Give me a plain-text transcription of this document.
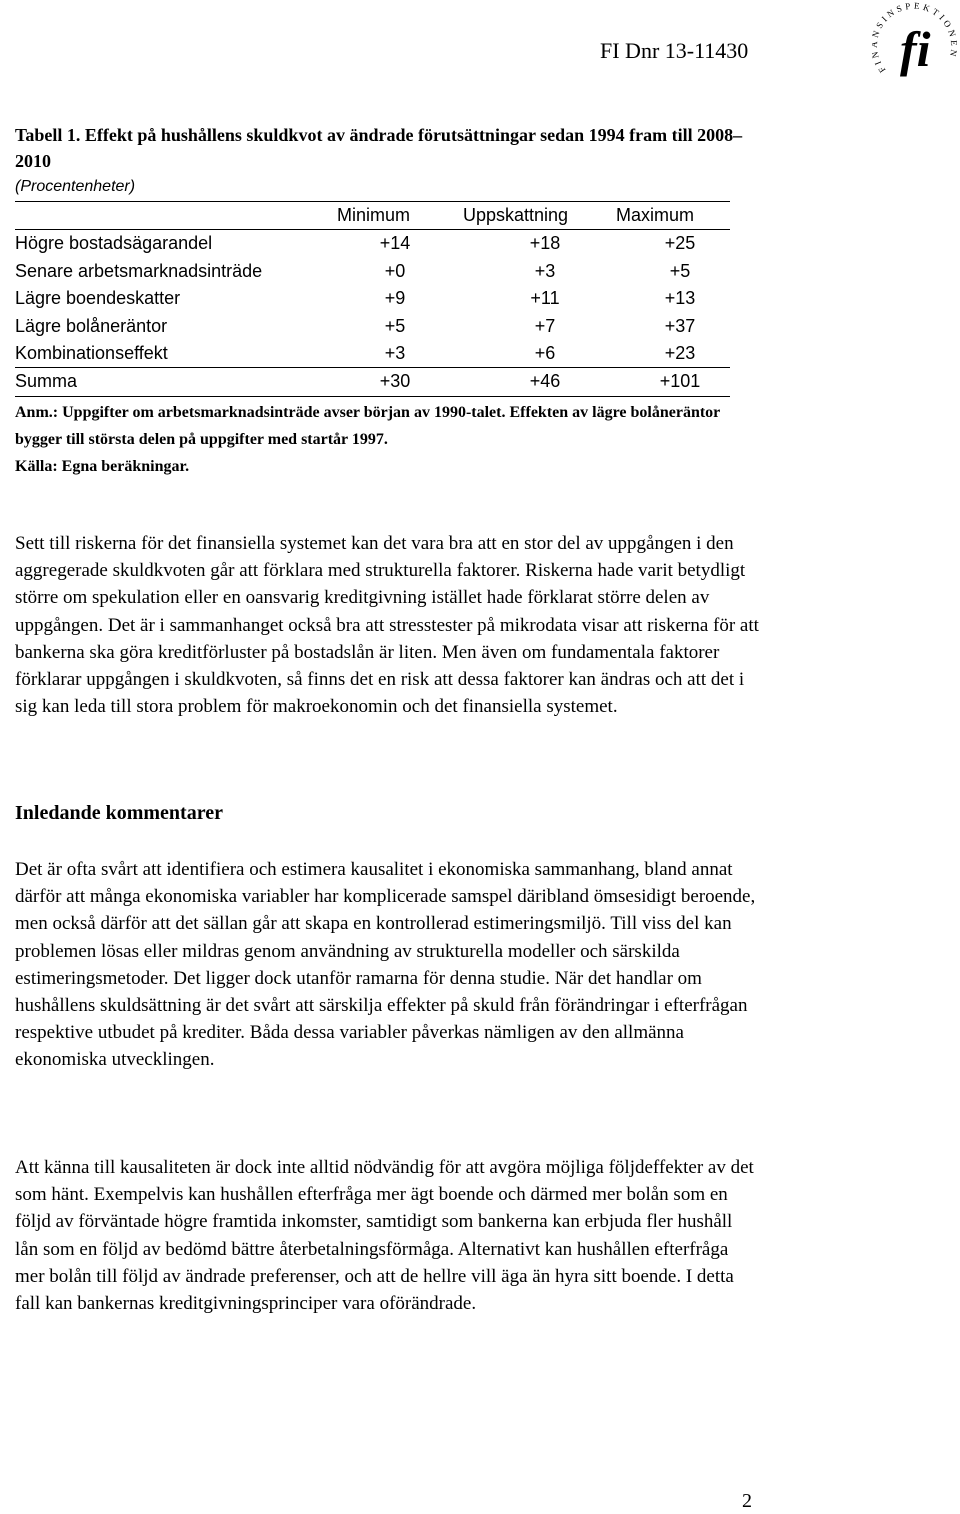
FI Dnr 13-11430
FI SINSPEKTIONEN
fi
Tabell 1. Effekt på hushållens skuldkvot av ändrade förutsättningar sedan 1994 fram till 2008–2010
(Procentenheter)
Minimum	Uppskattning	Maximum
Högre bostadsägarandel	+14	+18	+25
Senare arbetsmarknadsinträde	+0	+3	+5
Lägre boendeskatter	+9	+11	+13
Lägre bolåneräntor	+5	+7	+37
Kombinationseffekt	+3	+6	+23
Summa	+30	+46	+101
Anm.: Uppgifter om arbetsmarknadsinträde avser början av 1990-talet. Effekten av lägre bolåneräntor bygger till största delen på uppgifter med startår 1997.
Källa: Egna beräkningar.
Sett till riskerna för det finansiella systemet kan det vara bra att en stor del av uppgången i den aggregerade skuldkvoten går att förklara med strukturella faktorer. Riskerna hade varit betydligt större om spekulation eller en oansvarig kreditgivning istället hade förklarat större delen av uppgången. Det är i sammanhanget också bra att stresstester på mikrodata visar att riskerna för att bankerna ska göra kreditförluster på bostadslån är liten. Men även om fundamentala faktorer förklarar uppgången i skuldkvoten, så finns det en risk att dessa faktorer kan ändras och att det i sig kan leda till stora problem för makroekonomin och det finansiella systemet.
Inledande kommentarer
Det är ofta svårt att identifiera och estimera kausalitet i ekonomiska sammanhang, bland annat därför att många ekonomiska variabler har komplicerade samspel däribland ömsesidigt beroende, men också därför att det sällan går att skapa en kontrollerad estimeringsmiljö. Till viss del kan problemen lösas eller mildras genom användning av strukturella modeller och särskilda estimeringsmetoder. Det ligger dock utanför ramarna för denna studie. När det handlar om hushållens skuldsättning är det svårt att särskilja effekter på skuld från förändringar i efterfrågan respektive utbudet på krediter. Båda dessa variabler påverkas nämligen av den allmänna ekonomiska utvecklingen.
Att känna till kausaliteten är dock inte alltid nödvändig för att avgöra möjliga följdeffekter av det som hänt. Exempelvis kan hushållen efterfråga mer ägt boende och därmed mer bolån som en följd av förväntade högre framtida inkomster, samtidigt som bankerna kan erbjuda fler hushåll lån som en följd av bedömd bättre återbetalningsförmåga. Alternativt kan hushållen efterfråga mer bolån till följd av ändrade preferenser, och att de hellre vill äga än hyra sitt boende. I detta fall kan bankernas kreditgivningsprinciper vara oförändrade.
2
